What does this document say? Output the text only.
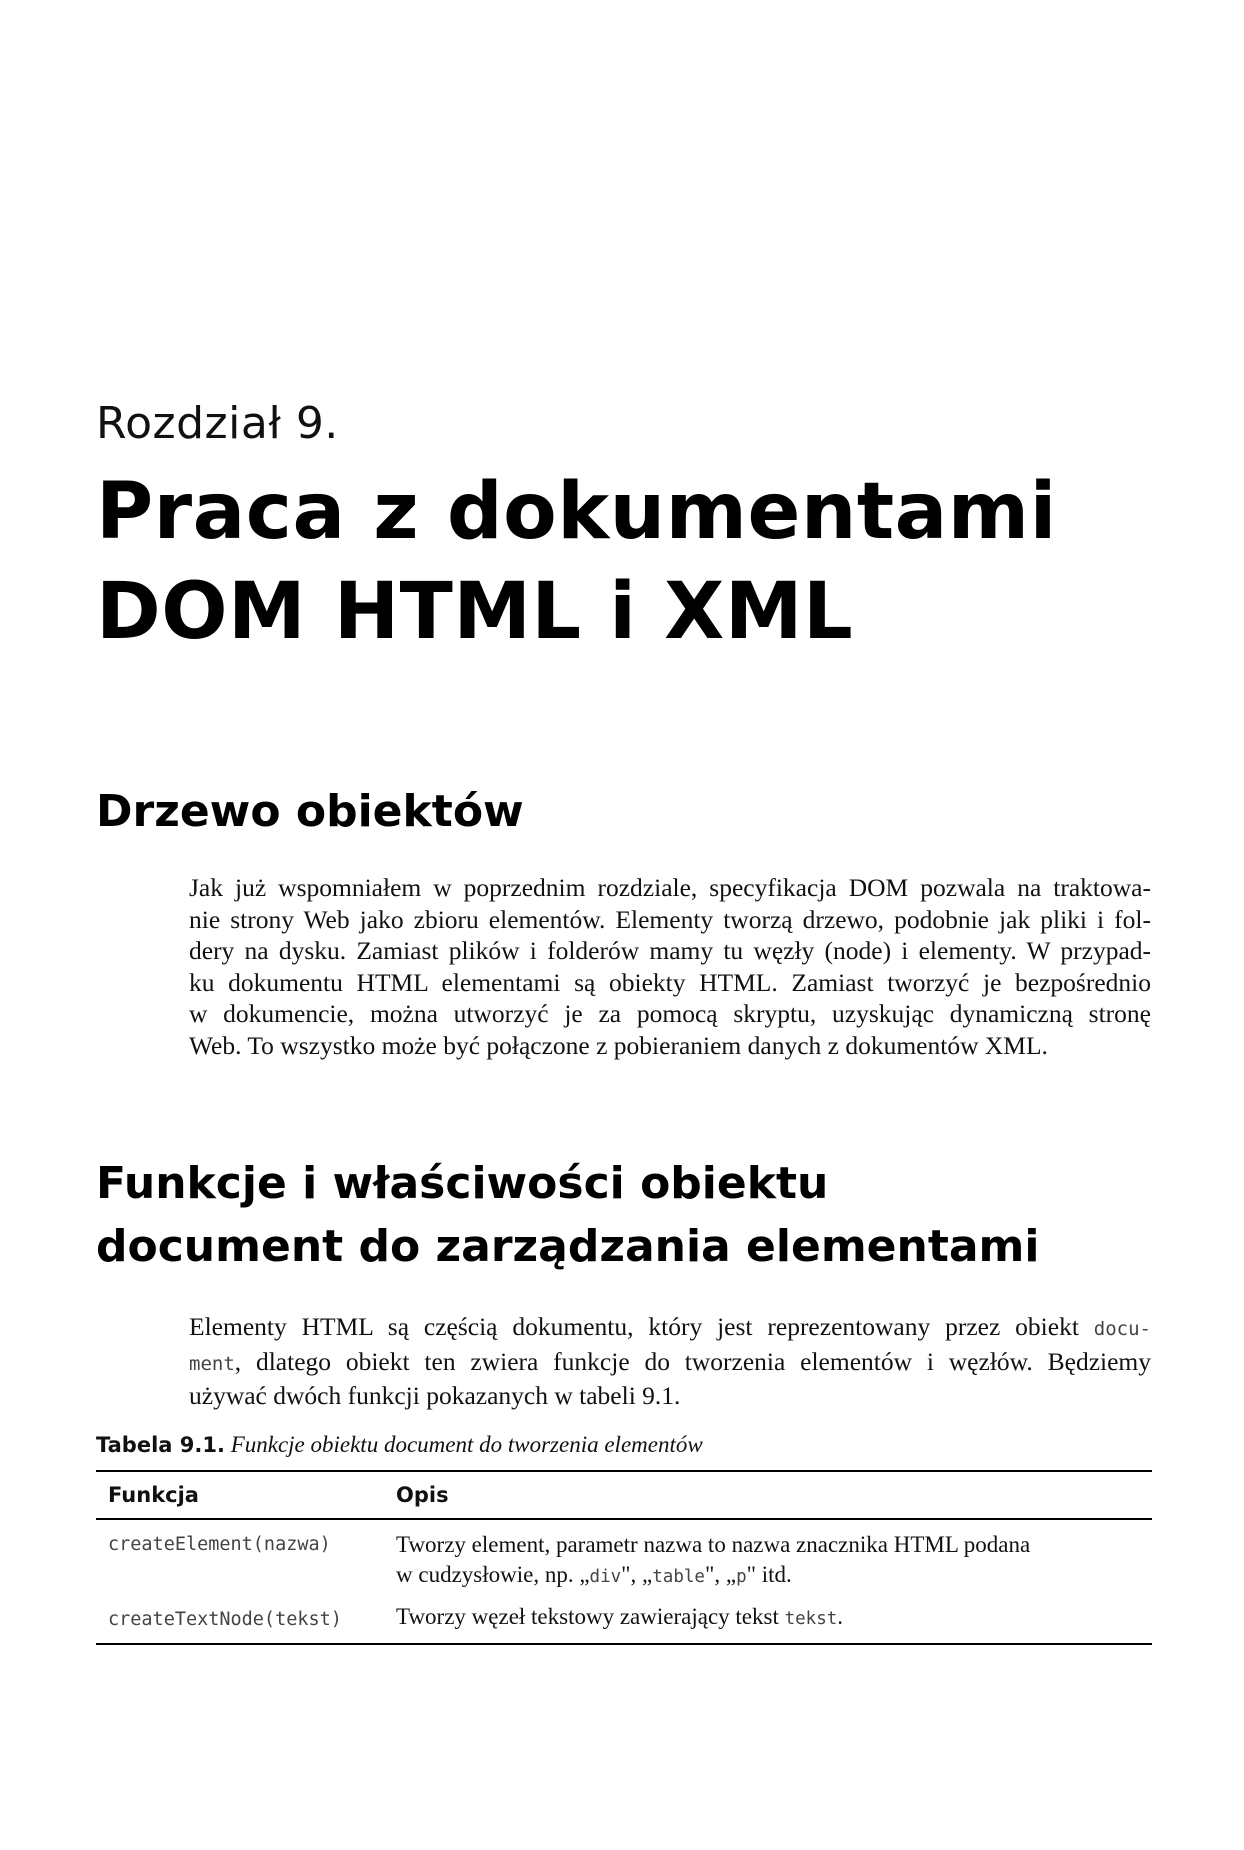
Rozdział 9.
Praca z dokumentami
DOM HTML i XML
Drzewo obiektów

Jak już wspomniałem w poprzednim rozdziale, specyfikacja DOM pozwala na traktowa-
nie strony Web jako zbioru elementów. Elementy tworzą drzewo, podobnie jak pliki i fol-
dery na dysku. Zamiast plików i folderów mamy tu węzły (node) i elementy. W przypad-
ku dokumentu HTML elementami są obiekty HTML. Zamiast tworzyć je bezpośrednio
w dokumencie, można utworzyć je za pomocą skryptu, uzyskując dynamiczną stronę
Web. To wszystko może być połączone z pobieraniem danych z dokumentów XML.

Funkcje i właściwości obiektu
document do zarządzania elementami

Elementy HTML są częścią dokumentu, który jest reprezentowany przez obiekt docu-
ment, dlatego obiekt ten zwiera funkcje do tworzenia elementów i węzłów. Będziemy
używać dwóch funkcji pokazanych w tabeli 9.1.

Tabela 9.1. Funkcje obiektu document do tworzenia elementów

Funkcja	Opis
createElement(nazwa)	Tworzy element, parametr nazwa to nazwa znacznika HTML podana
w cudzysłowie, np. „div", „table", „p" itd.

createTextNode(tekst)	Tworzy węzeł tekstowy zawierający tekst tekst.
